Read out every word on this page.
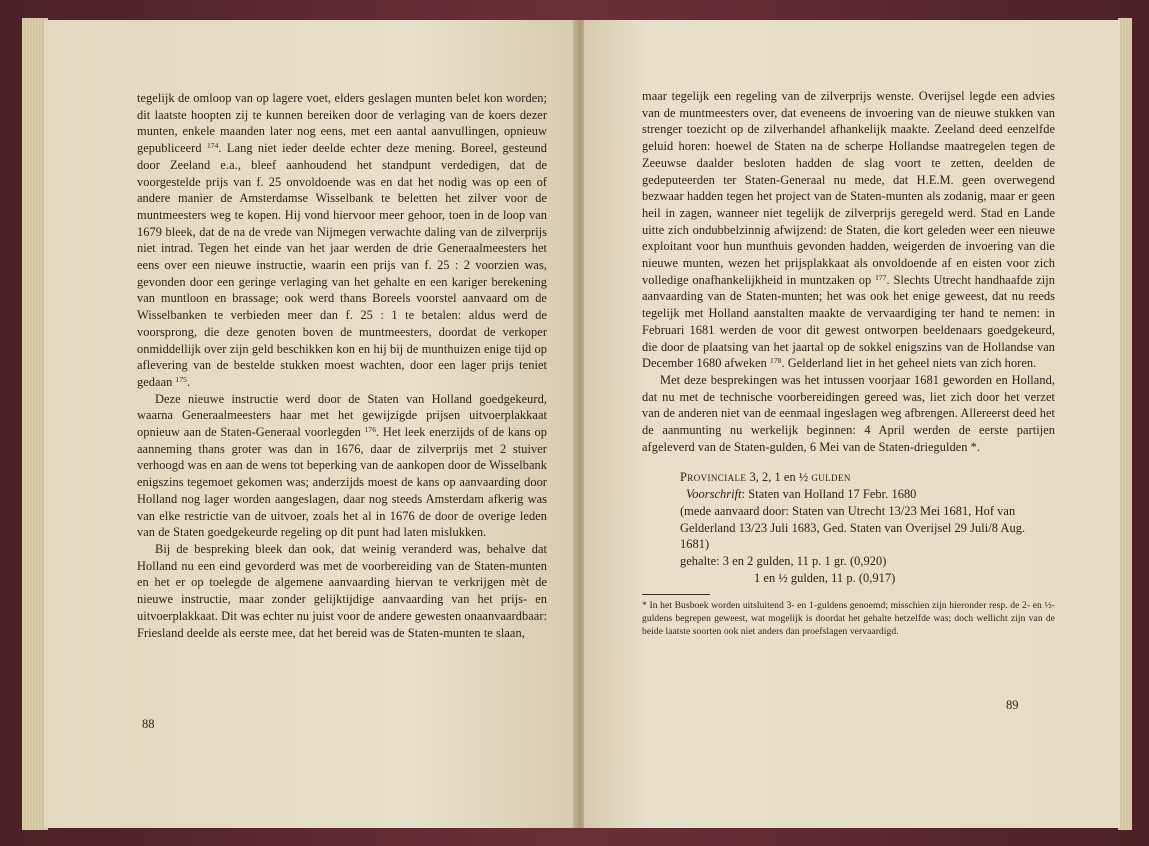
tegelijk de omloop van op lagere voet, elders geslagen munten belet kon worden; dit laatste hoopten zij te kunnen bereiken door de verlaging van de koers dezer munten, enkele maanden later nog eens, met een aantal aanvullingen, opnieuw gepubliceerd $^{174}$. Lang niet ieder deelde echter deze mening. Boreel, gesteund door Zeeland e.a., bleef aanhoudend het standpunt verdedigen, dat de voorgestelde prijs van f. 25 onvoldoende was en dat het nodig was op een of andere manier de Amsterdamse Wisselbank te beletten het zilver voor de muntmeesters weg te kopen. Hij vond hiervoor meer gehoor, toen in de loop van 1679 bleek, dat de na de vrede van Nijmegen verwachte daling van de zilverprijs niet intrad. Tegen het einde van het jaar werden de drie Generaalmeesters het eens over een nieuwe instructie, waarin een prijs van f. 25 : 2 voorzien was, gevonden door een geringe verlaging van het gehalte en een kariger berekening van muntloon en brassage; ook werd thans Boreels voorstel aanvaard om de Wisselbanken te verbieden meer dan f. 25 : 1 te betalen: aldus werd de voorsprong, die deze genoten boven de muntmeesters, doordat de verkoper onmiddellijk over zijn geld beschikken kon en hij bij de munthuizen enige tijd op aflevering van de bestelde stukken moest wachten, door een lager prijs teniet gedaan $^{175}$.

Deze nieuwe instructie werd door de Staten van Holland goedgekeurd, waarna Generaalmeesters haar met het gewijzigde prijsen uitvoerplakkaat opnieuw aan de Staten-Generaal voorlegden $^{176}$. Het leek enerzijds of de kans op aanneming thans groter was dan in 1676, daar de zilverprijs met 2 stuiver verhoogd was en aan de wens tot beperking van de aankopen door de Wisselbank enigszins tegemoet gekomen was; anderzijds moest de kans op aanvaarding door Holland nog lager worden aangeslagen, daar nog steeds Amsterdam afkerig was van elke restrictie van de uitvoer, zoals het al in 1676 de door de overige leden van de Staten goedgekeurde regeling op dit punt had laten mislukken.

Bij de bespreking bleek dan ook, dat weinig veranderd was, behalve dat Holland nu een eind gevorderd was met de voorbereiding van de Staten-munten en het er op toelegde de algemene aanvaarding hiervan te verkrijgen mèt de nieuwe instructie, maar zonder gelijktijdige aanvaarding van het prijs- en uitvoerplakkaat. Dit was echter nu juist voor de andere gewesten onaanvaardbaar: Friesland deelde als eerste mee, dat het bereid was de Staten-munten te slaan,

88

maar tegelijk een regeling van de zilverprijs wenste. Overijsel legde een advies van de muntmeesters over, dat eveneens de invoering van de nieuwe stukken van strenger toezicht op de zilverhandel afhankelijk maakte. Zeeland deed eenzelfde geluid horen: hoewel de Staten na de scherpe Hollandse maatregelen tegen de Zeeuwse daalder besloten hadden de slag voort te zetten, deelden de gedeputeerden ter Staten-Generaal nu mede, dat H.E.M. geen overwegend bezwaar hadden tegen het project van de Staten-munten als zodanig, maar er geen heil in zagen, wanneer niet tegelijk de zilverprijs geregeld werd. Stad en Lande uitte zich ondubbelzinnig afwijzend: de Staten, die kort geleden weer een nieuwe exploitant voor hun munthuis gevonden hadden, weigerden de invoering van die nieuwe munten, wezen het prijsplakkaat als onvoldoende af en eisten voor zich volledige onafhankelijkheid in muntzaken op $^{177}$. Slechts Utrecht handhaafde zijn aanvaarding van de Staten-munten; het was ook het enige geweest, dat nu reeds tegelijk met Holland aanstalten maakte de vervaardiging ter hand te nemen: in Februari 1681 werden de voor dit gewest ontworpen beeldenaars goedgekeurd, die door de plaatsing van het jaartal op de sokkel enigszins van de Hollandse van December 1680 afweken $^{178}$. Gelderland liet in het geheel niets van zich horen.

Met deze besprekingen was het intussen voorjaar 1681 geworden en Holland, dat nu met de technische voorbereidingen gereed was, liet zich door het verzet van de anderen niet van de eenmaal ingeslagen weg afbrengen. Allereerst deed het de aanmunting nu werkelijk beginnen: 4 April werden de eerste partijen afgeleverd van de Staten-gulden, 6 Mei van de Staten-driegulden *.

Provinciale 3, 2, 1 en ½ gulden
Voorschrift: Staten van Holland 17 Febr. 1680
(mede aanvaard door: Staten van Utrecht 13/23 Mei 1681, Hof van Gelderland 13/23 Juli 1683, Ged. Staten van Overijsel 29 Juli/8 Aug. 1681)
gehalte: 3 en 2 gulden, 11 p. 1 gr. (0,920)
1 en ½ gulden, 11 p. (0,917)

* In het Busboek worden uitsluitend 3- en 1-guldens genoemd; misschien zijn hieronder resp. de 2- en ½-guldens begrepen geweest, wat mogelijk is doordat het gehalte hetzelfde was; doch wellicht zijn van de beide laatste soorten ook niet anders dan proefslagen vervaardigd.

89
